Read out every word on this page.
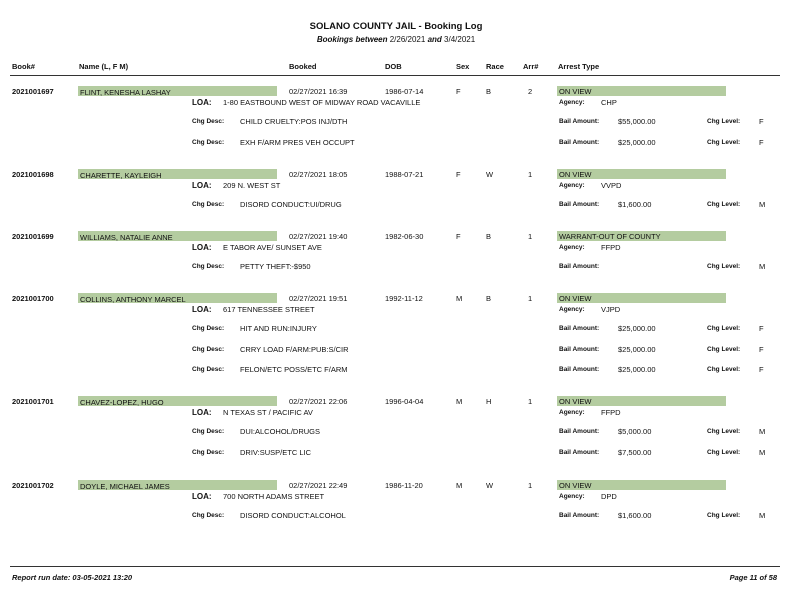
SOLANO COUNTY JAIL - Booking Log
Bookings between 2/26/2021 and 3/4/2021
Book#	Name (L, F M)	Booked	DOB	Sex Race	Arr#	Arrest Type
2021001697	FLINT, KENESHA LASHAY	02/27/2021 16:39	1986-07-14	F	B	2	ON VIEW
LOA: 1-80 EASTBOUND WEST OF MIDWAY ROAD VACAVILLE	Agency: CHP
Chg Desc: CHILD CRUELTY:POS INJ/DTH	Bail Amount:	$55,000.00	Chg Level:	F
Chg Desc: EXH F/ARM PRES VEH OCCUPT	Bail Amount:	$25,000.00	Chg Level:	F
2021001698	CHARETTE, KAYLEIGH	02/27/2021 18:05	1988-07-21	F	W	1	ON VIEW
LOA: 209 N. WEST ST	Agency: VVPD
Chg Desc: DISORD CONDUCT:UI/DRUG	Bail Amount:	$1,600.00	Chg Level:	M
2021001699	WILLIAMS, NATALIE ANNE	02/27/2021 19:40	1982-06-30	F	B	1	WARRANT-OUT OF COUNTY
LOA: E TABOR AVE/ SUNSET AVE	Agency: FFPD
Chg Desc: PETTY THEFT:-$950	Bail Amount:	Chg Level:	M
2021001700	COLLINS, ANTHONY MARCEL	02/27/2021 19:51	1992-11-12	M	B	1	ON VIEW
LOA: 617 TENNESSEE STREET	Agency: VJPD
Chg Desc: HIT AND RUN:INJURY	Bail Amount:	$25,000.00	Chg Level:	F
Chg Desc: CRRY LOAD F/ARM:PUB:S/CIR	Bail Amount:	$25,000.00	Chg Level:	F
Chg Desc: FELON/ETC POSS/ETC F/ARM	Bail Amount:	$25,000.00	Chg Level:	F
2021001701	CHAVEZ-LOPEZ, HUGO	02/27/2021 22:06	1996-04-04	M	H	1	ON VIEW
LOA: N TEXAS ST / PACIFIC AV	Agency: FFPD
Chg Desc: DUI:ALCOHOL/DRUGS	Bail Amount:	$5,000.00	Chg Level:	M
Chg Desc: DRIV:SUSP/ETC LIC	Bail Amount:	$7,500.00	Chg Level:	M
2021001702	DOYLE, MICHAEL JAMES	02/27/2021 22:49	1986-11-20	M	W	1	ON VIEW
LOA: 700 NORTH ADAMS STREET	Agency: DPD
Chg Desc: DISORD CONDUCT:ALCOHOL	Bail Amount:	$1,600.00	Chg Level:	M
Report run date: 03-05-2021 13:20	Page 11 of 58
